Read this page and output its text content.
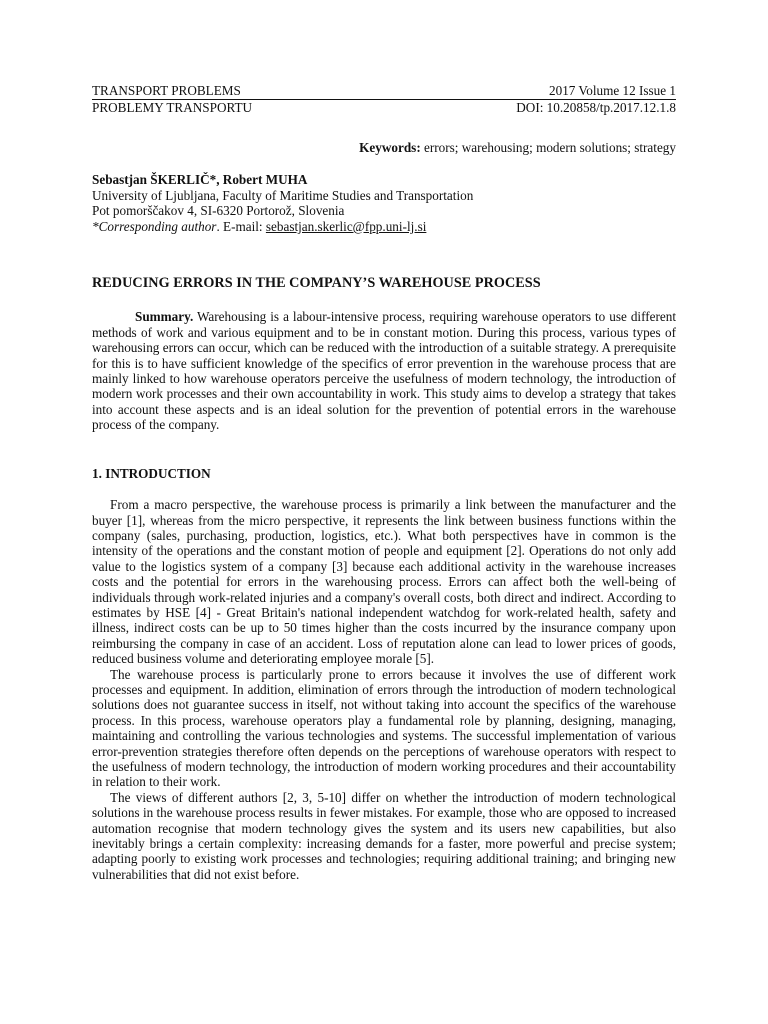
TRANSPORT PROBLEMS	2017 Volume 12 Issue 1
PROBLEMY TRANSPORTU	DOI: 10.20858/tp.2017.12.1.8
Keywords: errors; warehousing; modern solutions; strategy
Sebastjan ŠKERLIČ*, Robert MUHA
University of Ljubljana, Faculty of Maritime Studies and Transportation
Pot pomorščakov 4, SI-6320 Portorož, Slovenia
*Corresponding author. E-mail: sebastjan.skerlic@fpp.uni-lj.si
REDUCING ERRORS IN THE COMPANY’S WAREHOUSE PROCESS
Summary. Warehousing is a labour-intensive process, requiring warehouse operators to use different methods of work and various equipment and to be in constant motion. During this process, various types of warehousing errors can occur, which can be reduced with the introduction of a suitable strategy. A prerequisite for this is to have sufficient knowledge of the specifics of error prevention in the warehouse process that are mainly linked to how warehouse operators perceive the usefulness of modern technology, the introduction of modern work processes and their own accountability in work. This study aims to develop a strategy that takes into account these aspects and is an ideal solution for the prevention of potential errors in the warehouse process of the company.
1. INTRODUCTION

From a macro perspective, the warehouse process is primarily a link between the manufacturer and the buyer [1], whereas from the micro perspective, it represents the link between business functions within the company (sales, purchasing, production, logistics, etc.). What both perspectives have in common is the intensity of the operations and the constant motion of people and equipment [2]. Operations do not only add value to the logistics system of a company [3] because each additional activity in the warehouse increases costs and the potential for errors in the warehousing process. Errors can affect both the well-being of individuals through work-related injuries and a company's overall costs, both direct and indirect. According to estimates by HSE [4] - Great Britain's national independent watchdog for work-related health, safety and illness, indirect costs can be up to 50 times higher than the costs incurred by the insurance company upon reimbursing the company in case of an accident. Loss of reputation alone can lead to lower prices of goods, reduced business volume and deteriorating employee morale [5].

The warehouse process is particularly prone to errors because it involves the use of different work processes and equipment. In addition, elimination of errors through the introduction of modern technological solutions does not guarantee success in itself, not without taking into account the specifics of the warehouse process. In this process, warehouse operators play a fundamental role by planning, designing, managing, maintaining and controlling the various technologies and systems. The successful implementation of various error-prevention strategies therefore often depends on the perceptions of warehouse operators with respect to the usefulness of modern technology, the introduction of modern working procedures and their accountability in relation to their work.

The views of different authors [2, 3, 5-10] differ on whether the introduction of modern technological solutions in the warehouse process results in fewer mistakes. For example, those who are opposed to increased automation recognise that modern technology gives the system and its users new capabilities, but also inevitably brings a certain complexity: increasing demands for a faster, more powerful and precise system; adapting poorly to existing work processes and technologies; requiring additional training; and bringing new vulnerabilities that did not exist before.
